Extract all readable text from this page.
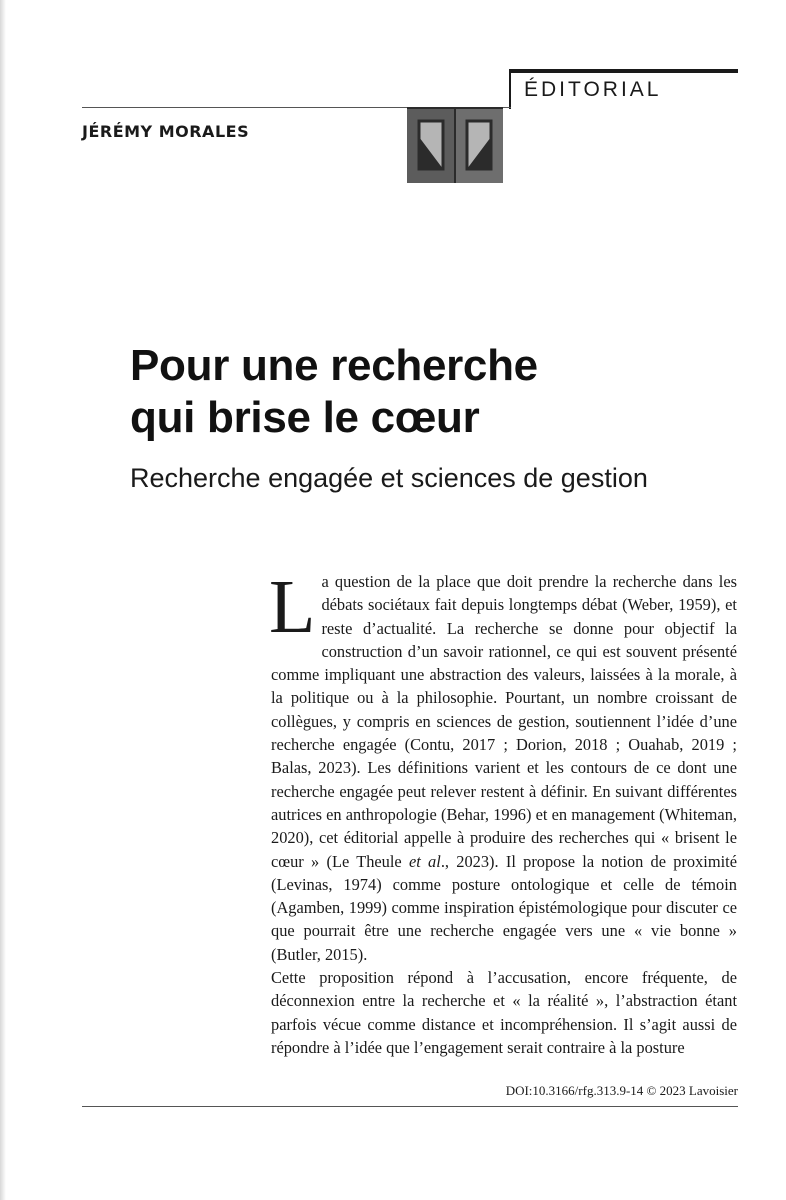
ÉDITORIAL
JÉRÉMY MORALES
Pour une recherche
qui brise le cœur
Recherche engagée et sciences de gestion

La question de la place que doit prendre la recherche dans les débats sociétaux fait depuis longtemps débat (Weber, 1959), et reste d’actualité. La recherche se donne pour objectif la construction d’un savoir rationnel, ce qui est souvent présenté comme impliquant une abstraction des valeurs, laissées à la morale, à la politique ou à la philosophie. Pourtant, un nombre croissant de collègues, y compris en sciences de gestion, soutiennent l’idée d’une recherche engagée (Contu, 2017 ; Dorion, 2018 ; Ouahab, 2019 ; Balas, 2023). Les définitions varient et les contours de ce dont une recherche engagée peut relever restent à définir. En suivant différentes autrices en anthropologie (Behar, 1996) et en management (Whiteman, 2020), cet éditorial appelle à produire des recherches qui « brisent le cœur » (Le Theule et al., 2023). Il propose la notion de proximité (Levinas, 1974) comme posture ontologique et celle de témoin (Agamben, 1999) comme inspiration épistémologique pour discuter ce que pourrait être une recherche engagée vers une « vie bonne » (Butler, 2015).

Cette proposition répond à l’accusation, encore fréquente, de déconnexion entre la recherche et « la réalité », l’abstraction étant parfois vécue comme distance et incompréhension. Il s’agit aussi de répondre à l’idée que l’engagement serait contraire à la posture

DOI:10.3166/rfg.313.9-14 © 2023 Lavoisier
